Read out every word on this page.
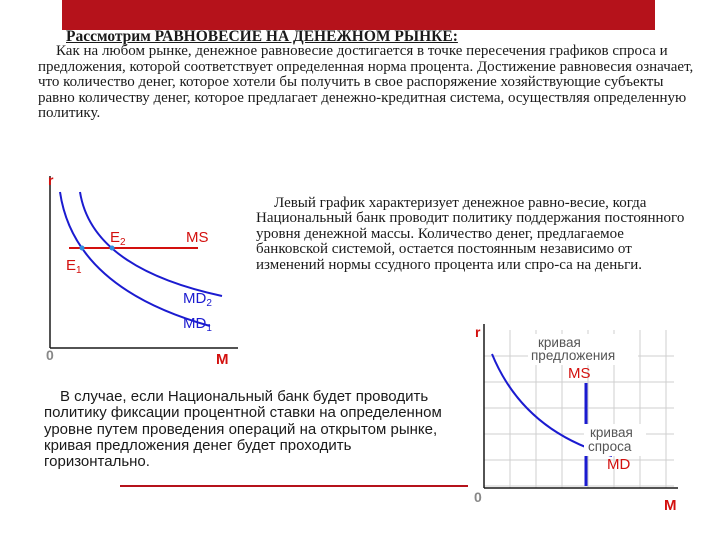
Рассмотрим РАВНОВЕСИЕ НА ДЕНЕЖНОМ РЫНКЕ:
Как на любом рынке, денежное равновесие достигается в точке пересечения графиков спроса и предложения, которой соответствует определенная норма процента. Достижение равновесия означает, что количество денег, которое хотели бы получить в свое распоряжение хозяйствующие субъекты равно количеству денег, которое предлагает денежно-кредитная система, осуществляя определенную политику.
r
0	M
MS
$E_1$
$E_2$
$MD_2$
$MD_1$
Левый график характеризует денежное равно-весие, когда Национальный банк проводит политику поддержания постоянного уровня денежной массы. Количество денег, предлагаемое банковской системой, остается постоянным независимо от изменений нормы ссудного процента или спро-са на деньги.
В случае, если Национальный банк будет проводить политику фиксации процентной ставки на определенном уровне путем проведения операций на открытом рынке, кривая предложения денег будет проходить горизонтально.
r
0	M
кривая
предложения
MS
кривая
спроса
MD
